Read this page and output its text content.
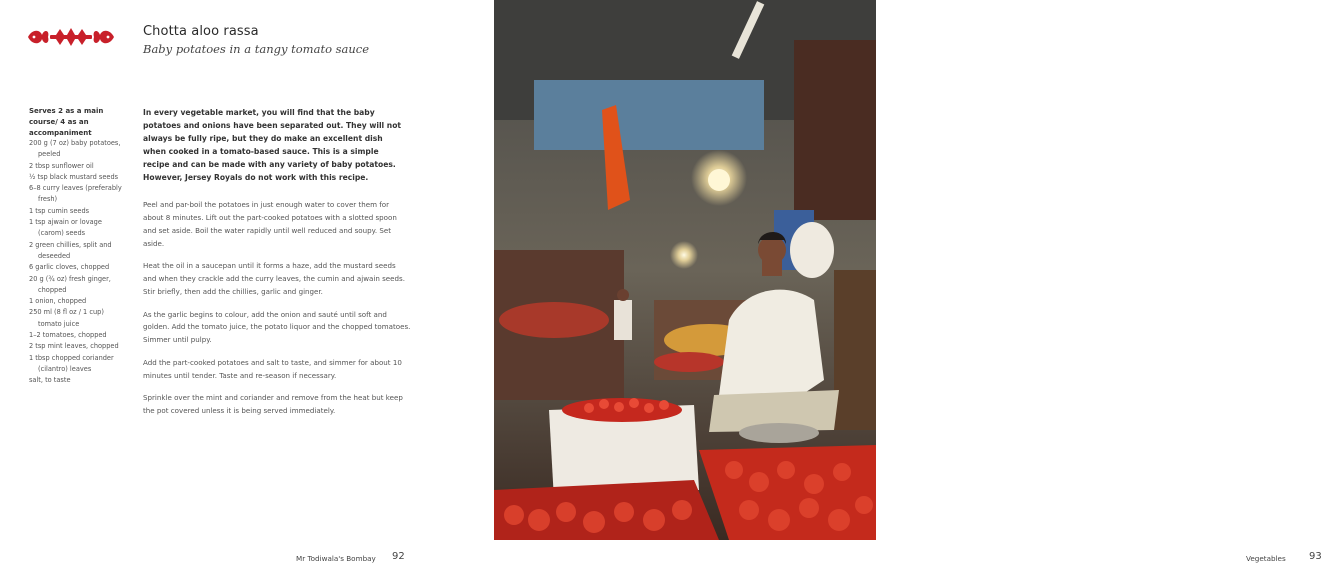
Chotta aloo rassa
Baby potatoes in a tangy tomato sauce
Serves 2 as a main course/ 4 as an accompaniment
200 g (7 oz) baby potatoes, peeled
2 tbsp sunflower oil
½ tsp black mustard seeds
6–8 curry leaves (preferably fresh)
1 tsp cumin seeds
1 tsp ajwain or lovage (carom) seeds
2 green chillies, split and deseeded
6 garlic cloves, chopped
20 g (¾ oz) fresh ginger, chopped
1 onion, chopped
250 ml (8 fl oz / 1 cup) tomato juice
1–2 tomatoes, chopped
2 tsp mint leaves, chopped
1 tbsp chopped coriander (cilantro) leaves
salt, to taste

In every vegetable market, you will find that the baby potatoes and onions have been separated out. They will not always be fully ripe, but they do make an excellent dish when cooked in a tomato-based sauce. This is a simple recipe and can be made with any variety of baby potatoes. However, Jersey Royals do not work with this recipe.

Peel and par-boil the potatoes in just enough water to cover them for about 8 minutes. Lift out the part-cooked potatoes with a slotted spoon and set aside. Boil the water rapidly until well reduced and soupy. Set aside.

Heat the oil in a saucepan until it forms a haze, add the mustard seeds and when they crackle add the curry leaves, the cumin and ajwain seeds. Stir briefly, then add the chillies, garlic and ginger.

As the garlic begins to colour, add the onion and sauté until soft and golden. Add the tomato juice, the potato liquor and the chopped tomatoes. Simmer until pulpy.

Add the part-cooked potatoes and salt to taste, and simmer for about 10 minutes until tender. Taste and re-season if necessary.

Sprinkle over the mint and coriander and remove from the heat but keep the pot covered unless it is being served immediately.

Mr Todiwala's Bombay 92	Vegetables 93
